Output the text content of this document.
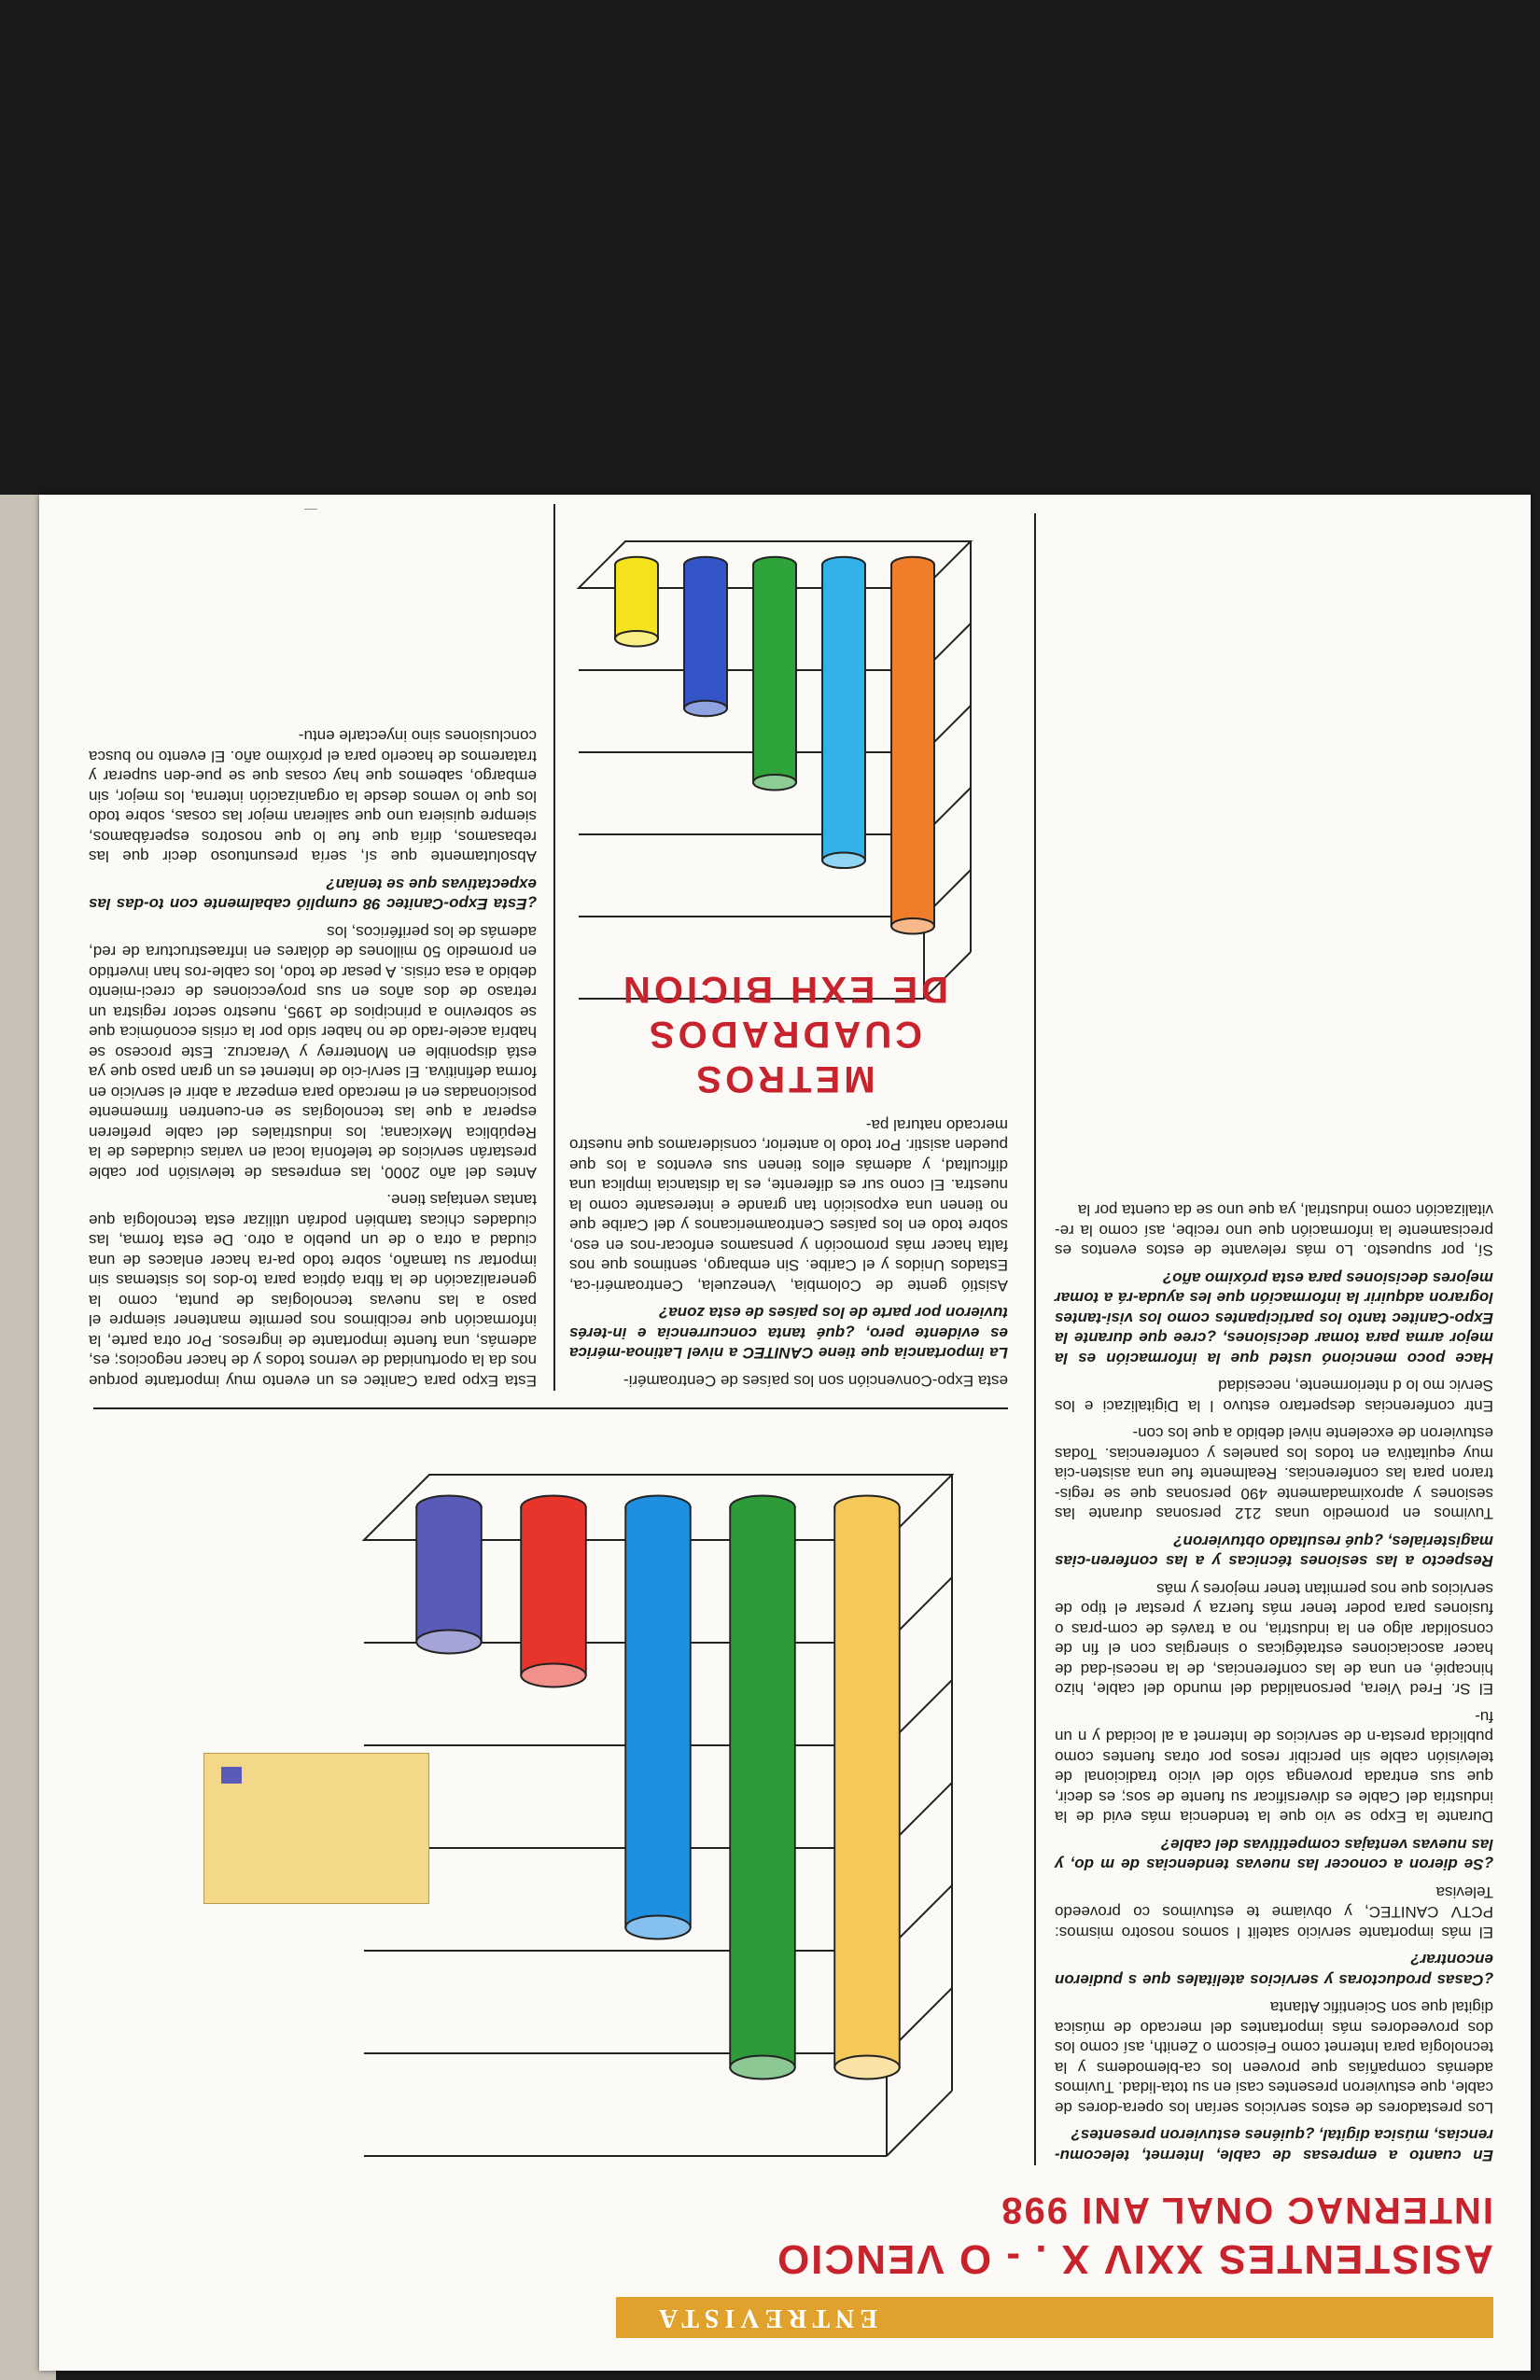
ENTREVISTA
ASISTENTES XXIV X . - O VENCIO
INTERNAC ONAL ANI 998

En cuanto a empresas de cable, Internet, telecomu-rencias, música digital, ¿quiénes estuvieron presentes?

Los prestadores de estos servicios serían los opera-dores de cable, que estuvieron presentes casi en su tota-lidad. Tuvimos además compañías que proveen los ca-blemodems y la tecnología para Internet como Feiscom o Zenith, así como los dos proveedores más importantes del mercado de música digital que son Scientific Atlanta

¿Casas productoras y servicios atelitales que s pudieron encontrar?

El más importante servicio satelit l somos nosotro mismos: PCTV CANITEC, y obviame te estuvimos co proveedo Televisa

¿Se dieron a conocer las nuevas tendencias de m do, y las nuevas ventajas competitivas del cable?

Durante la Expo se vio que la tendencia más evid de la industria del Cable es diversificar su fuente de sos; es decir, que sus entrada provenga sólo del vicio tradicional de televisión cable sin percibir resos por otras fuentes como publicida presta-n de servicios de Internet a al locidad y n un fu-

El Sr. Fred Viera, personalidad del mundo del cable, hizo hincapié, en una de las conferencias, de la necesi-dad de hacer asociaciones estratégicas o sinergias con el fin de consolidar algo en la industria, no a través de com-pras o fusiones para poder tener más fuerza y prestar el tipo de servicios que nos permitan tener mejores y más

Respecto a las sesiones técnicas y a las conferen-cias magisteriales, ¿qué resultado obtuvieron?

Tuvimos en promedio unas 212 personas durante las sesiones y aproximadamente 490 personas que se regis-traron para las conferencias. Realmente fue una asisten-cia muy equitativa en todos los paneles y conferencias. Todas estuvieron de excelente nivel debido a que los con-

Entr conferencias despertaro estuvo l la Digitalizaci e los Servic mo lo d nteriormente, necesidad

Hace poco mencionó usted que la información es la mejor arma para tomar decisiones, ¿cree que durante la Expo-Canitec tanto los participantes como los visi-tantes lograron adquirir la información que les ayuda-rá a tomar mejores decisiones para esta próximo año?

Sí, por supuesto. Lo más relevante de estos eventos es precisamente la información que uno recibe, así como la re-vitalización como industrial, ya que uno se da cuenta por la

esta Expo-Convención son los países de Centroaméri-

La importancia que tiene CANITEC a nivel Latinoa-mérica es evidente pero, ¿qué tanta concurrencia e in-terés tuvieron por parte de los países de esta zona?

Asistió gente de Colombia, Venezuela, Centroaméri-ca, Estados Unidos y el Caribe. Sin embargo, sentimos que nos falta hacer más promoción y pensamos enfocar-nos en eso, sobre todo en los países Centroamericanos y del Caribe que no tienen una exposición tan grande e interesante como la nuestra. El cono sur es diferente, es la distancia implica una dificultad, y además ellos tienen sus eventos a los que pueden asistir. Por todo lo anterior, consideramos que nuestro mercado natural pa-

Esta Expo para Canitec es un evento muy importante porque nos da la oportunidad de vernos todos y de hacer negocios; es, además, una fuente importante de ingresos. Por otra parte, la información que recibimos nos permite mantener siempre el paso a las nuevas tecnologías de punta, como la generalización de la fibra óptica para to-dos los sistemas sin importar su tamaño, sobre todo pa-ra hacer enlaces de una ciudad a otra o de un pueblo a otro. De esta forma, las ciudades chicas también podrán utilizar esta tecnología que tantas ventajas tiene.

Antes del año 2000, las empresas de televisión por cable prestarán servicios de telefonía local en varias ciudades de la República Mexicana; los industriales del cable prefieren esperar a que las tecnologías se en-cuentren firmemente posicionadas en el mercado para empezar a abrir el servicio en forma definitiva. El servi-cio de Internet es un gran paso que ya está disponible en Monterrey y Veracruz. Este proceso se habría acele-rado de no haber sido por la crisis económica que se sobrevino a principios de 1995, nuestro sector registra un retraso de dos años en sus proyecciones de creci-miento debido a esa crisis. A pesar de todo, los cable-ros han invertido en promedio 50 millones de dólares en infraestructura de red, además de los periféricos, los

¿Esta Expo-Canitec 98 cumplió cabalmente con to-das las expectativas que se tenían?

Absolutamente que sí, sería presuntuoso decir que las rebasamos, diría que fue lo que nosotros esperábamos, siempre quisiera uno que salieran mejor las cosas, sobre todo los que lo vemos desde la organización interna, los mejor, sin embargo, sabemos que hay cosas que se pue-den superar y trataremos de hacerlo para el próximo año. El evento no busca conclusiones sino inyectarle entu-

METROS CUADRADOS
DE EXH BICION
—
